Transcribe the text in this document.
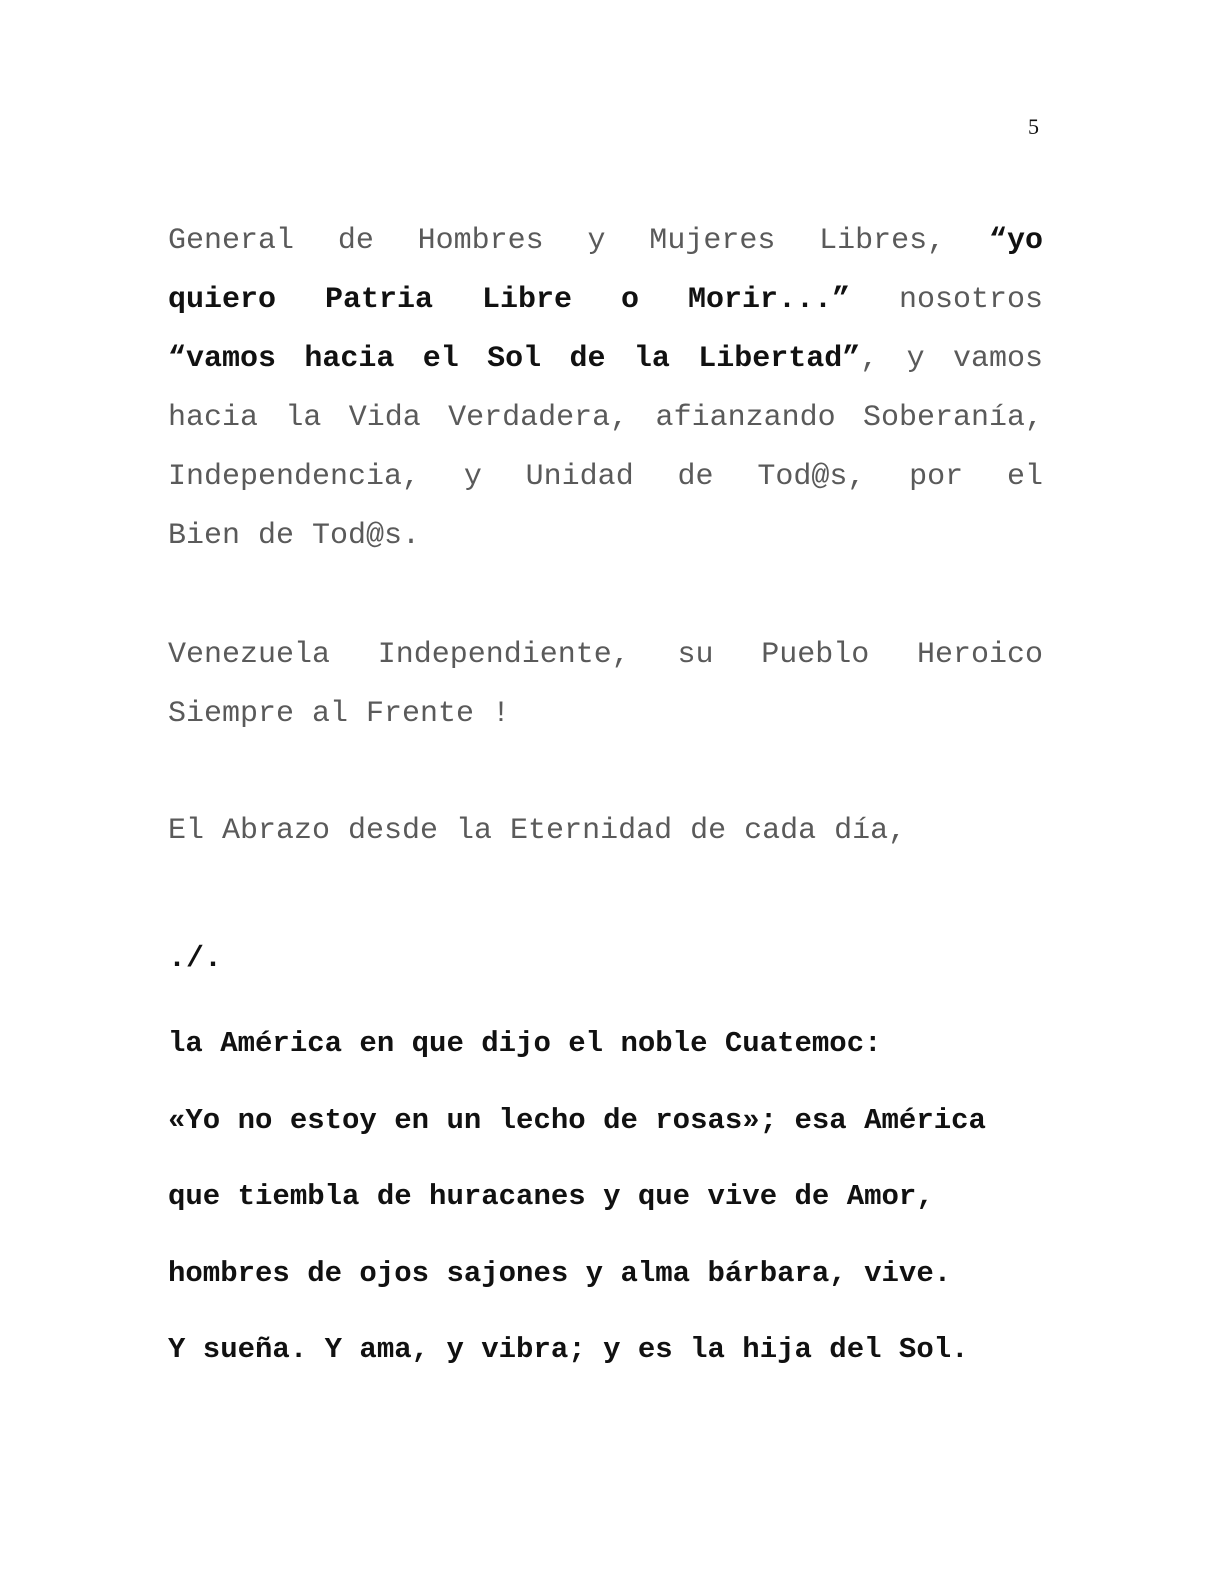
5
General de Hombres y Mujeres Libres, “yo
quiero Patria Libre o Morir...” nosotros
“vamos hacia el Sol de la Libertad”, y vamos
hacia la Vida Verdadera, afianzando Soberanía,
Independencia, y Unidad de Tod@s, por el
Bien de Tod@s.
Venezuela Independiente, su Pueblo Heroico
Siempre al Frente !
El Abrazo desde la Eternidad de cada día,
./.
la América en que dijo el noble Cuatemoc:
«Yo no estoy en un lecho de rosas»; esa América
que tiembla de huracanes y que vive de Amor,
hombres de ojos sajones y alma bárbara, vive.
Y sueña. Y ama, y vibra; y es la hija del Sol.
